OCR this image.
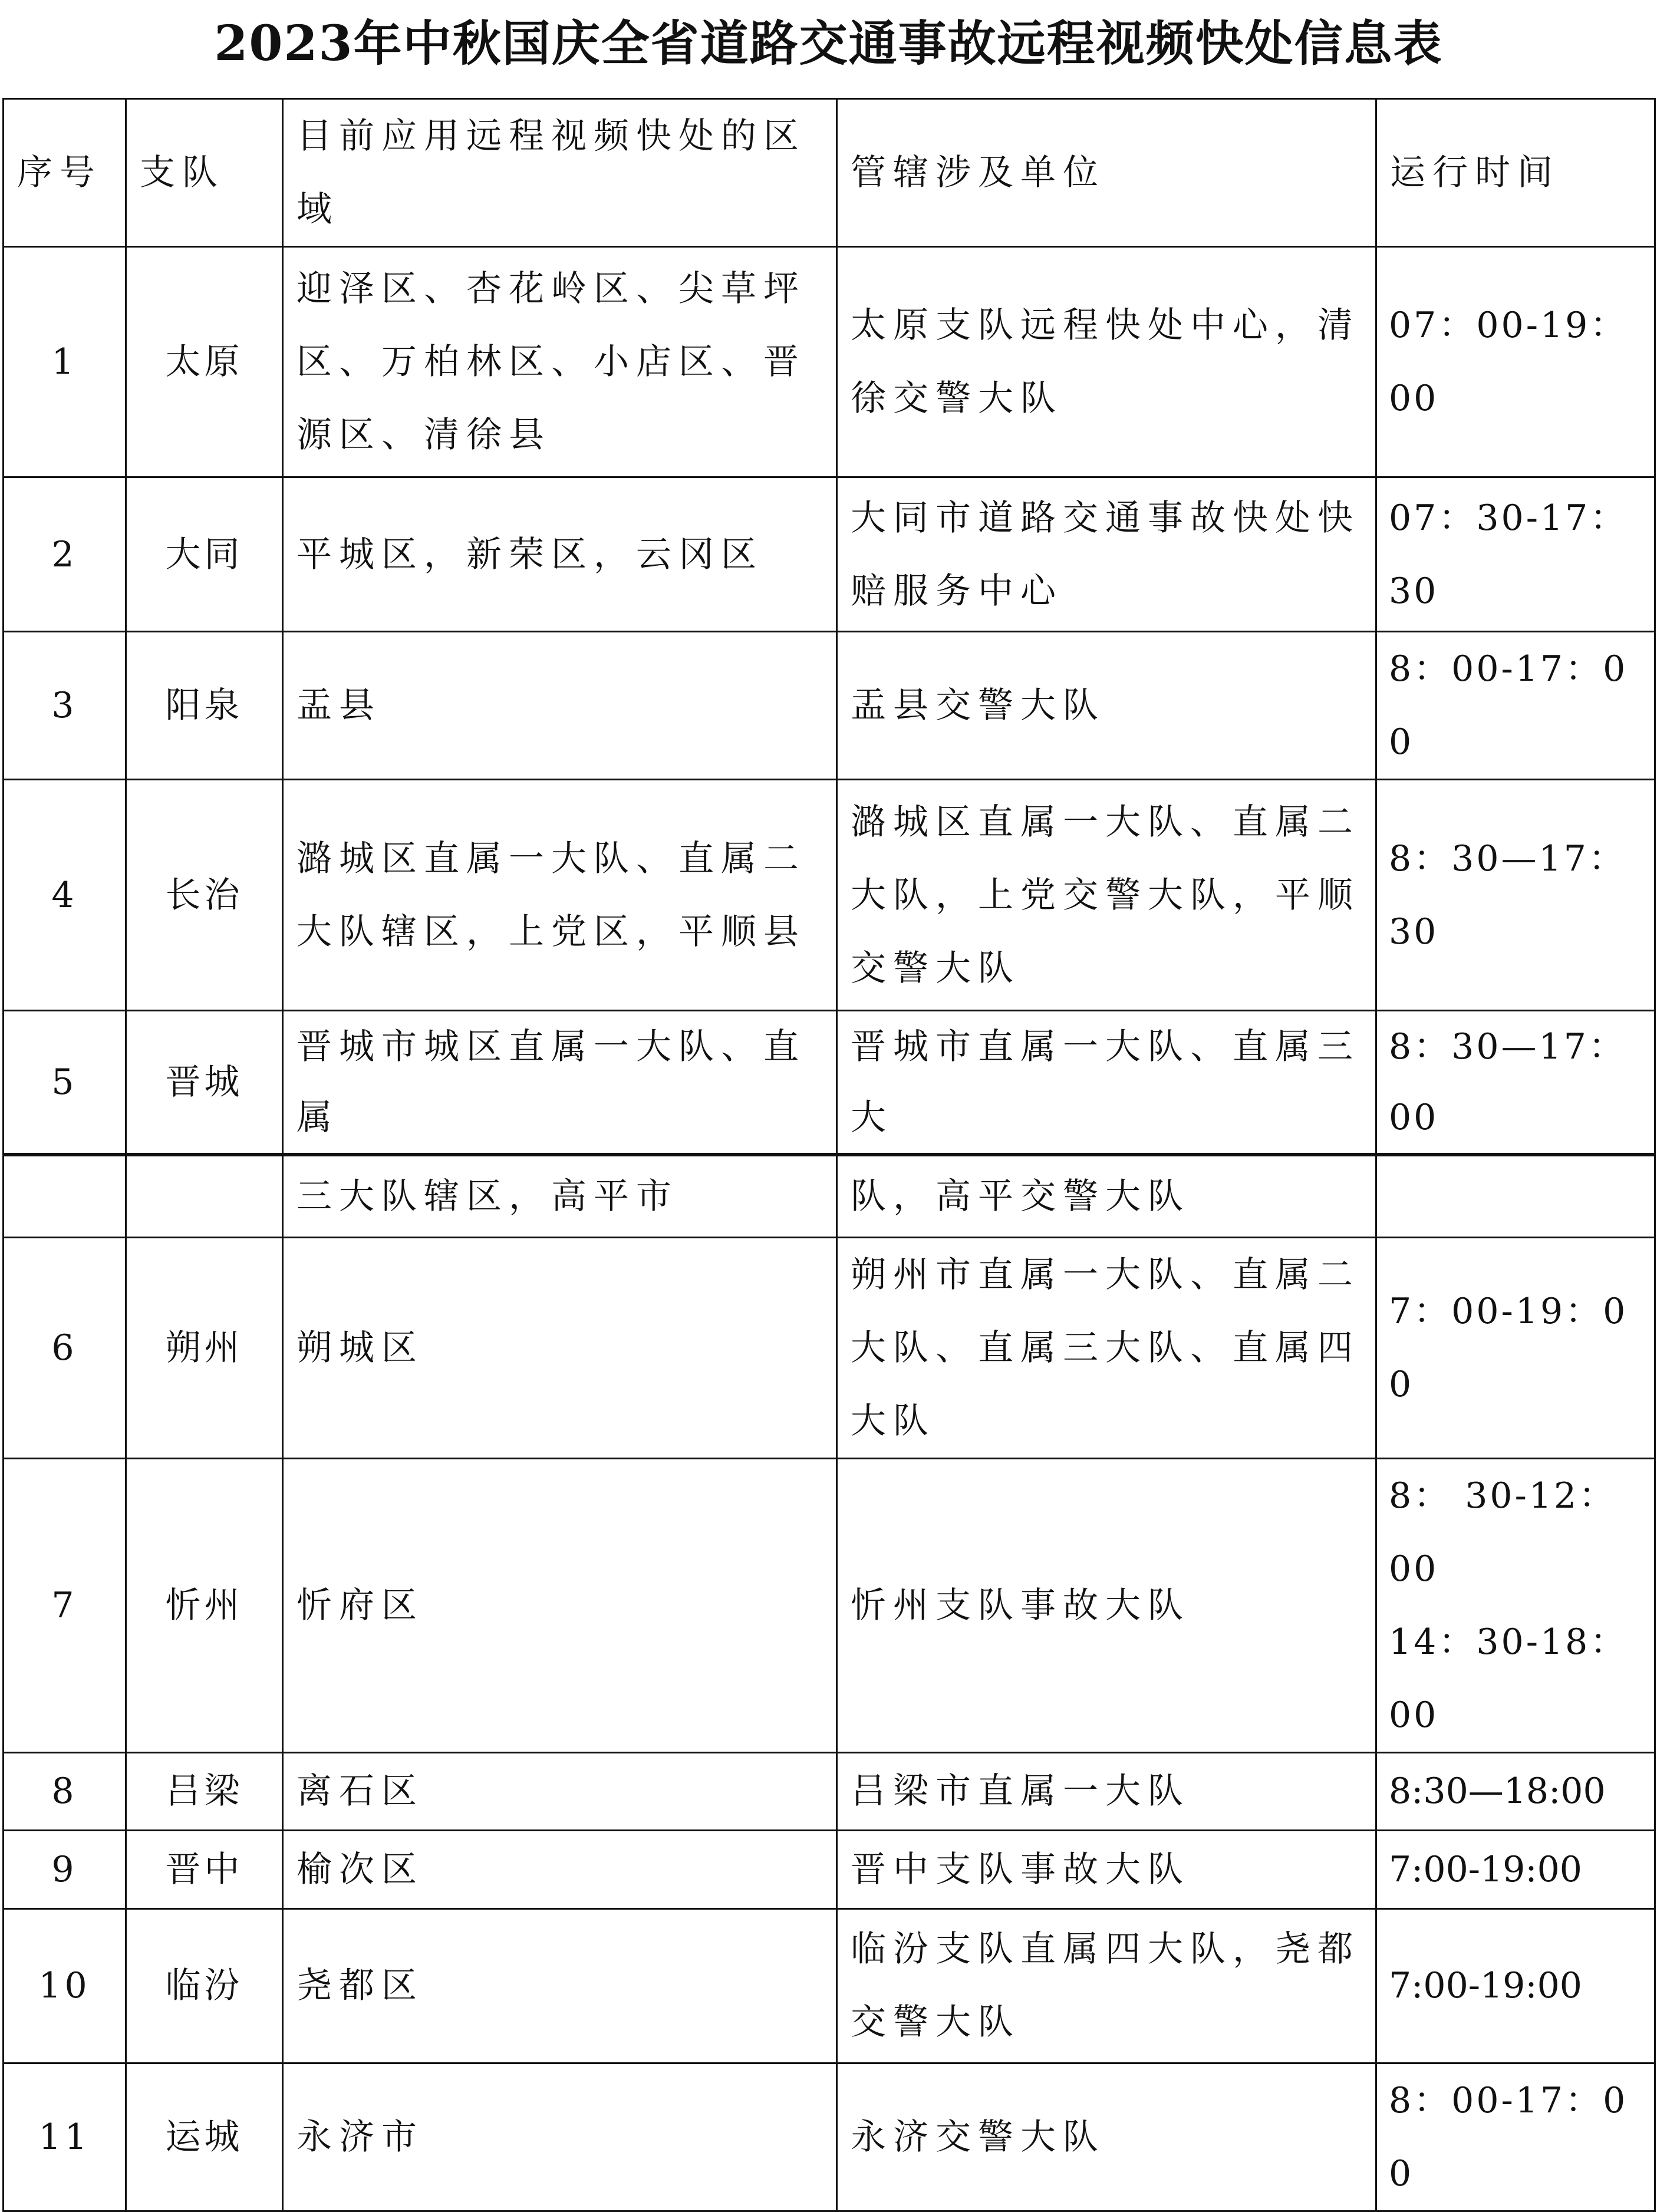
2023年中秋国庆全省道路交通事故远程视频快处信息表
序号	支队	目前应用远程视频快处的区域	管辖涉及单位	运行时间
1	太原	迎泽区、杏花岭区、尖草坪区、万柏林区、小店区、晋源区、清徐县	太原支队远程快处中心，清徐交警大队	07：00-19：00
2	大同	平城区，新荣区，云冈区	大同市道路交通事故快处快赔服务中心	07：30-17：30
3	阳泉	盂县	盂县交警大队	8：00-17：00
4	长治	潞城区直属一大队、直属二大队辖区，上党区，平顺县	潞城区直属一大队、直属二大队，上党交警大队，平顺交警大队	8：30—17：30
5	晋城	晋城市城区直属一大队、直属	晋城市直属一大队、直属三大	8：30—17：00
		三大队辖区，高平市	队，高平交警大队	
6	朔州	朔城区	朔州市直属一大队、直属二大队、直属三大队、直属四大队	7：00-19：00
7	忻州	忻府区	忻州支队事故大队	8： 30-12： 00
14：30-18：00

8	吕梁	离石区	吕梁市直属一大队	8:30—18:00
9	晋中	榆次区	晋中支队事故大队	7:00-19:00
10	临汾	尧都区	临汾支队直属四大队，尧都交警大队	7:00-19:00
11	运城	永济市	永济交警大队	8：00-17：00
